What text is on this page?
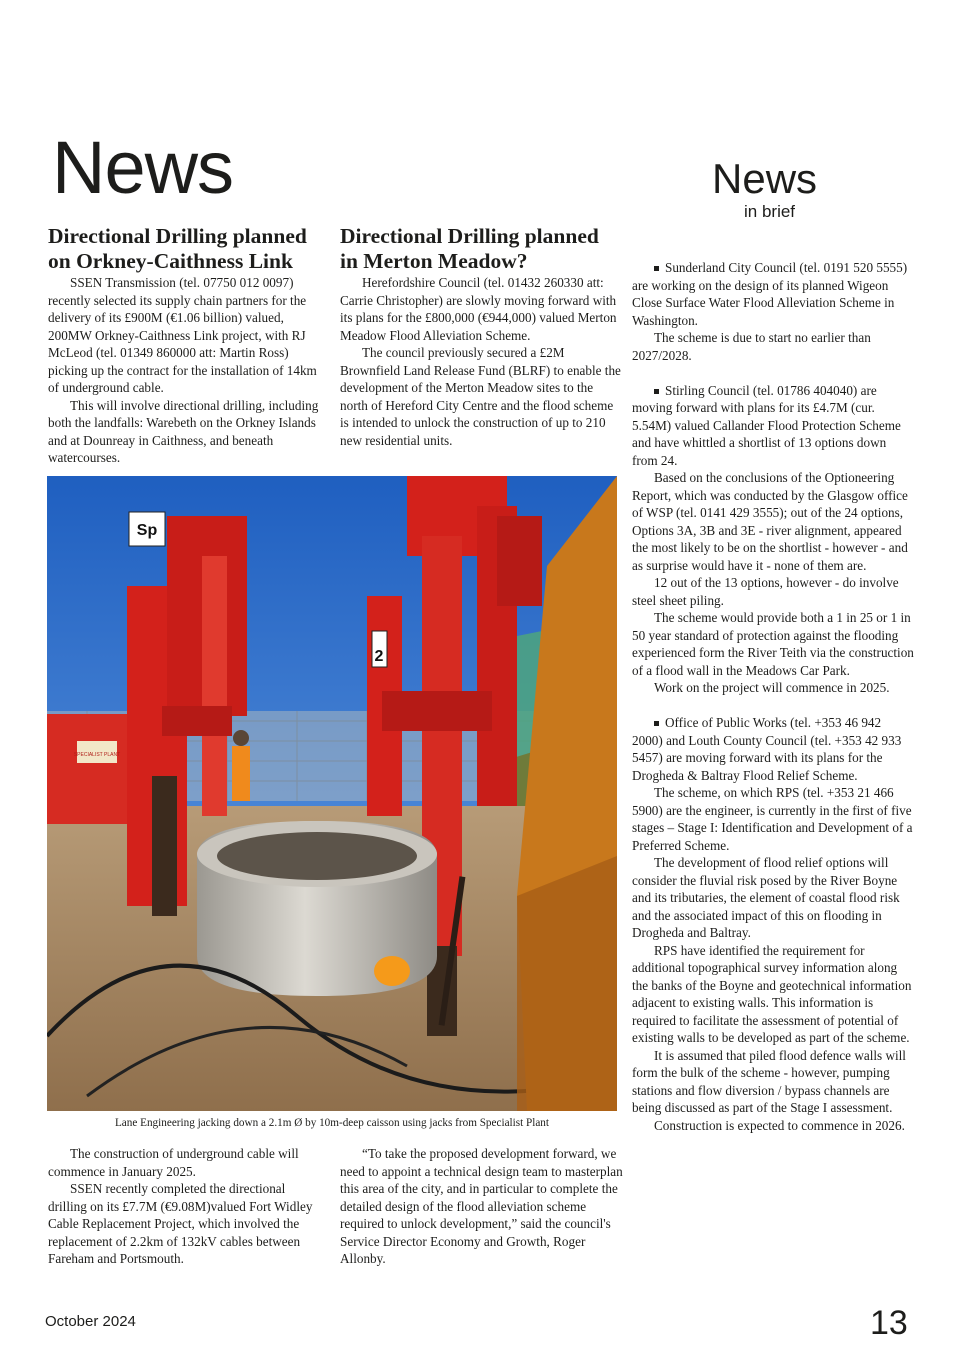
News	News
in brief
Directional Drilling planned
on Orkney-Caithness Link

SSEN Transmission (tel. 07750 012 0097) recently selected its supply chain partners for the delivery of its £900M (€1.06 billion) valued, 200MW Orkney-Caithness Link project, with RJ McLeod (tel. 01349 860000 att: Martin Ross) picking up the contract for the installation of 14km of underground cable.

This will involve directional drilling, including both the landfalls: Warebeth on the Orkney Islands and at Dounreay in Caithness, and beneath watercourses.

Directional Drilling planned
in Merton Meadow?

Herefordshire Council (tel. 01432 260330 att: Carrie Christopher) are slowly moving forward with its plans for the £800,000 (€944,000) valued Merton Meadow Flood Alleviation Scheme.

The council previously secured a £2M Brownfield Land Release Fund (BLRF) to enable the development of the Merton Meadow sites to the north of Hereford City Centre and the flood scheme is intended to unlock the construction of up to 210 new residential units.

SPECIALIST PLANT
Sp
2
Lane Engineering jacking down a 2.1m Ø by 10m-deep caisson using jacks from Specialist Plant

The construction of underground cable will commence in January 2025.

SSEN recently completed the directional drilling on its £7.7M (€9.08M)valued Fort Widley Cable Replacement Project, which involved the replacement of 2.2km of 132kV cables between Fareham and Portsmouth.

“To take the proposed development forward, we need to appoint a technical design team to masterplan this area of the city, and in particular to complete the detailed design of the flood alleviation scheme required to unlock development,” said the council's Service Director Economy and Growth, Roger Allonby.

Sunderland City Council (tel. 0191 520 5555) are working on the design of its planned Wigeon Close Surface Water Flood Alleviation Scheme in Washington.

The scheme is due to start no earlier than 2027/2028.

Stirling Council (tel. 01786 404040) are moving forward with plans for its £4.7M (cur. 5.54M) valued Callander Flood Protection Scheme and have whittled a shortlist of 13 options down from 24.

Based on the conclusions of the Optioneering Report, which was conducted by the Glasgow office of WSP (tel. 0141 429 3555); out of the 24 options, Options 3A, 3B and 3E - river alignment, appeared the most likely to be on the shortlist - however - and as surprise would have it - none of them are.

12 out of the 13 options, however - do involve steel sheet piling.

The scheme would provide both a 1 in 25 or 1 in 50 year standard of protection against the flooding experienced form the River Teith via the construction of a flood wall in the Meadows Car Park.

Work on the project will commence in 2025.

Office of Public Works (tel. +353 46 942 2000) and Louth County Council (tel. +353 42 933 5457) are moving forward with its plans for the Drogheda & Baltray Flood Relief Scheme.

The scheme, on which RPS (tel. +353 21 466 5900) are the engineer, is currently in the first of five stages – Stage I: Identification and Development of a Preferred Scheme.

The development of flood relief options will consider the fluvial risk posed by the River Boyne and its tributaries, the element of coastal flood risk and the associated impact of this on flooding in Drogheda and Baltray.

RPS have identified the requirement for additional topographical survey information along the banks of the Boyne and geotechnical information adjacent to existing walls. This information is required to facilitate the assessment of potential of existing walls to be developed as part of the scheme.

It is assumed that piled flood defence walls will form the bulk of the scheme - however, pumping stations and flow diversion / bypass channels are being discussed as part of the Stage I assessment.

Construction is expected to commence in 2026.

October 2024	13
